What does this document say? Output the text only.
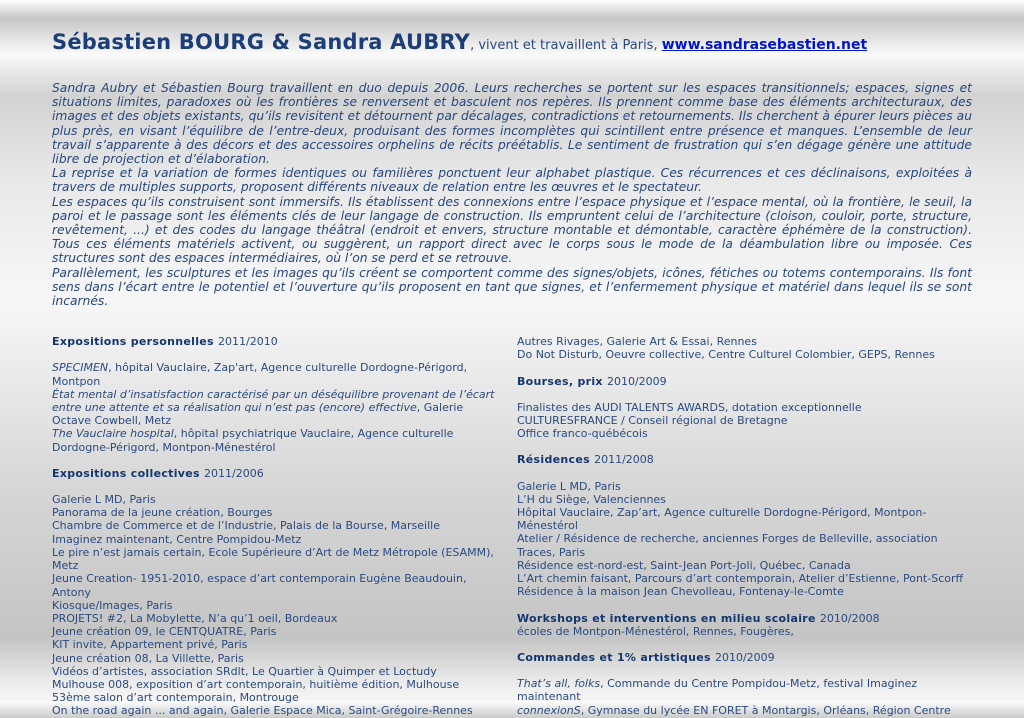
Sébastien BOURG & Sandra AUBRY, vivent et travaillent à Paris, www.sandrasebastien.net

Sandra Aubry et Sébastien Bourg travaillent en duo depuis 2006. Leurs recherches se portent sur les espaces transitionnels; espaces, signes et situations limites, paradoxes où les frontières se renversent et basculent nos repères. Ils prennent comme base des éléments architecturaux, des images et des objets existants, qu’ils revisitent et détournent par décalages, contradictions et retournements. Ils cherchent à épurer leurs pièces au plus près, en visant l’équilibre de l’entre-deux, produisant des formes incomplètes qui scintillent entre présence et manques. L’ensemble de leur travail s’apparente à des décors et des accessoires orphelins de récits préétablis. Le sentiment de frustration qui s’en dégage génère une attitude libre de projection et d’élaboration.

La reprise et la variation de formes identiques ou familières ponctuent leur alphabet plastique. Ces récurrences et ces déclinaisons, exploitées à travers de multiples supports, proposent différents niveaux de relation entre les œuvres et le spectateur.

Les espaces qu’ils construisent sont immersifs. Ils établissent des connexions entre l’espace physique et l’espace mental, où la frontière, le seuil, la paroi et le passage sont les éléments clés de leur langage de construction. Ils empruntent celui de l’architecture (cloison, couloir, porte, structure, revêtement, ...) et des codes du langage théâtral (endroit et envers, structure montable et démontable, caractère éphémère de la construction). Tous ces éléments matériels activent, ou suggèrent, un rapport direct avec le corps sous le mode de la déambulation libre ou imposée. Ces structures sont des espaces intermédiaires, où l’on se perd et se retrouve.

Parallèlement, les sculptures et les images qu’ils créent se comportent comme des signes/objets, icônes, fétiches ou totems contemporains. Ils font sens dans l’écart entre le potentiel et l’ouverture qu’ils proposent en tant que signes, et l’enfermement physique et matériel dans lequel ils se sont incarnés.

Expositions personnelles 2011/2010
SPECIMEN, hôpital Vauclaire, Zap'art, Agence culturelle Dordogne-Périgord, Montpon
État mental d’insatisfaction caractérisé par un déséquilibre provenant de l’écart entre une attente et sa réalisation qui n’est pas (encore) effective, Galerie Octave Cowbell, Metz
The Vauclaire hospital, hôpital psychiatrique Vauclaire, Agence culturelle Dordogne-Périgord, Montpon-Ménestérol
Expositions collectives 2011/2006
Galerie L MD, Paris
Panorama de la jeune création, Bourges
Chambre de Commerce et de l’Industrie, Palais de la Bourse, Marseille
Imaginez maintenant, Centre Pompidou-Metz
Le pire n’est jamais certain, Ecole Supérieure d’Art de Metz Métropole (ESAMM), Metz
Jeune Creation- 1951-2010, espace d’art contemporain Eugène Beaudouin, Antony
Kiosque/Images, Paris
PROJETS! #2, La Mobylette, N’a qu’1 oeil, Bordeaux
Jeune création 09, le CENTQUATRE, Paris
KIT invite, Appartement privé, Paris
Jeune création 08, La Villette, Paris
Vidéos d’artistes, association SRdlt, Le Quartier à Quimper et Loctudy
Mulhouse 008, exposition d’art contemporain, huitième édition, Mulhouse
53ème salon d’art contemporain, Montrouge
On the road again ... and again, Galerie Espace Mica, Saint-Grégoire-Rennes
Autres Rivages, Galerie Art & Essai, Rennes
Do Not Disturb, Oeuvre collective, Centre Culturel Colombier, GEPS, Rennes
Bourses, prix 2010/2009
Finalistes des AUDI TALENTS AWARDS, dotation exceptionnelle
CULTURESFRANCE / Conseil régional de Bretagne
Office franco-québécois
Résidences 2011/2008
Galerie L MD, Paris
L’H du Siège, Valenciennes
Hôpital Vauclaire, Zap’art, Agence culturelle Dordogne-Périgord, Montpon-Ménestérol
Atelier / Résidence de recherche, anciennes Forges de Belleville, association Traces, Paris
Résidence est-nord-est, Saint-Jean Port-Joli, Québec, Canada
L’Art chemin faisant, Parcours d’art contemporain, Atelier d’Estienne, Pont-Scorff
Résidence à la maison Jean Chevolleau, Fontenay-le-Comte
Workshops et interventions en milieu scolaire 2010/2008
écoles de Montpon-Ménestérol, Rennes, Fougères,
Commandes et 1% artistiques 2010/2009
That’s all, folks, Commande du Centre Pompidou-Metz, festival Imaginez maintenant
connexionS, Gymnase du lycée EN FORET à Montargis, Orléans, Région Centre
